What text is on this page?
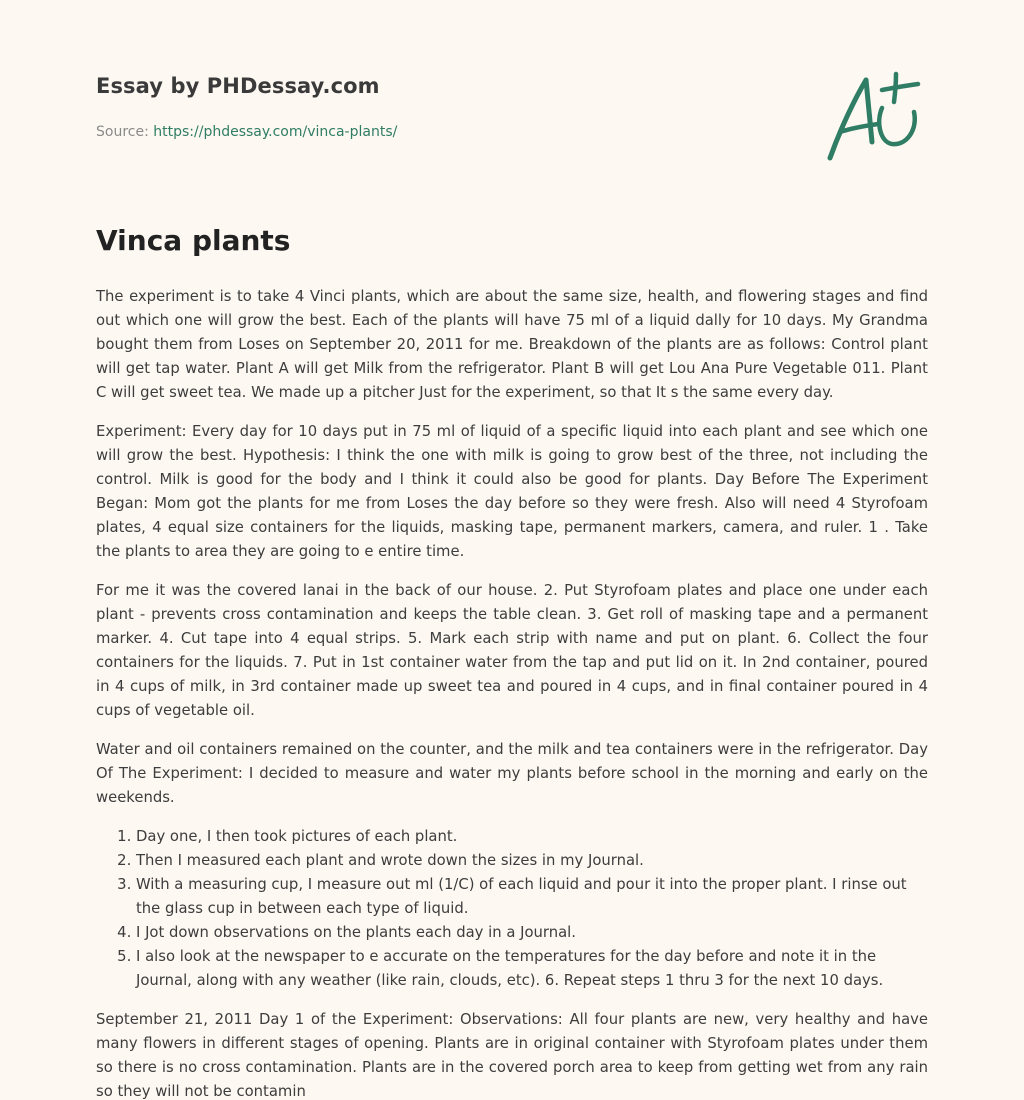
Essay by PHDessay.com
Source: https://phdessay.com/vinca-plants/
Vinca plants

The experiment is to take 4 Vinci plants, which are about the same size, health, and flowering stages and find out which one will grow the best. Each of the plants will have 75 ml of a liquid dally for 10 days. My Grandma bought them from Loses on September 20, 2011 for me. Breakdown of the plants are as follows: Control plant will get tap water. Plant A will get Milk from the refrigerator. Plant B will get Lou Ana Pure Vegetable 011. Plant C will get sweet tea. We made up a pitcher Just for the experiment, so that It s the same every day.

Experiment: Every day for 10 days put in 75 ml of liquid of a specific liquid into each plant and see which one will grow the best. Hypothesis: I think the one with milk is going to grow best of the three, not including the control. Milk is good for the body and I think it could also be good for plants. Day Before The Experiment Began: Mom got the plants for me from Loses the day before so they were fresh. Also will need 4 Styrofoam plates, 4 equal size containers for the liquids, masking tape, permanent markers, camera, and ruler. 1 . Take the plants to area they are going to e entire time.

For me it was the covered lanai in the back of our house. 2. Put Styrofoam plates and place one under each plant - prevents cross contamination and keeps the table clean. 3. Get roll of masking tape and a permanent marker. 4. Cut tape into 4 equal strips. 5. Mark each strip with name and put on plant. 6. Collect the four containers for the liquids. 7. Put in 1st container water from the tap and put lid on it. In 2nd container, poured in 4 cups of milk, in 3rd container made up sweet tea and poured in 4 cups, and in final container poured in 4 cups of vegetable oil.

Water and oil containers remained on the counter, and the milk and tea containers were in the refrigerator. Day Of The Experiment: I decided to measure and water my plants before school in the morning and early on the weekends.

1. Day one, I then took pictures of each plant.
2. Then I measured each plant and wrote down the sizes in my Journal.
3. With a measuring cup, I measure out ml (1/C) of each liquid and pour it into the proper plant. I rinse out the glass cup in between each type of liquid.
4. I Jot down observations on the plants each day in a Journal.
5. I also look at the newspaper to e accurate on the temperatures for the day before and note it in the Journal, along with any weather (like rain, clouds, etc). 6. Repeat steps 1 thru 3 for the next 10 days.

September 21, 2011 Day 1 of the Experiment: Observations: All four plants are new, very healthy and have many flowers in different stages of opening. Plants are in original container with Styrofoam plates under them so there is no cross contamination. Plants are in the covered porch area to keep from getting wet from any rain so they will not be contamin
